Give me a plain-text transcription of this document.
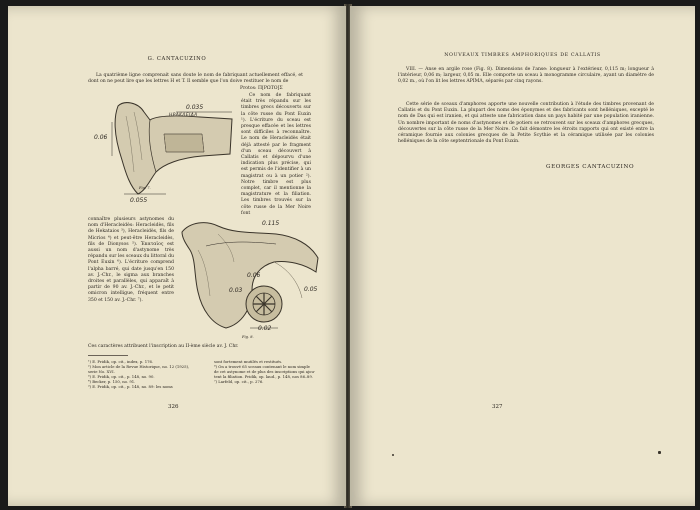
G. CANTACUZINO

La quatrième ligne comprenait sans doute le nom de fabriquant actuellement effacé, et dont on ne peut lire que les lettres H et T. Il semble que l'on doive restituer le nom de

Protos: Π[ΡΩΤΟ]Σ
ΗΡΑΚΛΕΙΔΑ
0.06
0.035
0.055
Fig. 7.

Ce nom de fabriquant était très répandu sur les timbres grecs découverts sur la côte russe du Pont Euxin ¹). L'écriture du sceau est presque effacée et les lettres sont difficiles à reconnaître. Le nom de Heracleidès était déjà attesté par le fragment d'un sceau découvert à Callatis et dépourvu d'une indication plus précise, qui est permis de l'identifier à un magistrat ou à un potier ²). Notre timbre est plus complet, car il mentionne la magistrature et la filiation. Les timbres trouvés sur la côte russe de la Mer Noire font

connaître plusieurs astynomes du nom d'Heracleidès: Heracleidès, fils de Hekataios ³), Heracleidès, fils de Micrios ⁴) et peut-être Heracleidès, fils de Dionysos ⁵). Ἑκαταῖος est aussi un nom d'astynome très répandu sur les sceaux du littoral du Pont Euxin ⁶). L'écriture comprend l'alpha barré, qui date jusqu'en 150 av. J.-Chr., le sigma aux branches droites et parallèles, qui apparaît à partir de 90 av. J.-Chr., et le petit omicron intelligue, fréquent entre 350 et 150 av. J.-Chr. ⁷).

0.115
0.06
0.03	0.05
0.02
Fig. 8.

Ces caractères attribuent l'inscription au II-ème siècle av. J. Chr.

¹) E. Pridik, op. cit., index, p. 176.
²) Mon article de la Revue Historique, no. 12 (1925),
serie No. XVI.
³) E. Pridik, op. cit., p. 148, no. 90.
⁴) Becker, p. 150, no. 91.
⁵) E. Pridik, op. cit., p. 148, no. 89: les noms
sont fortement mutilés et restitués.
⁶) On a trouvé 65 sceaux contenant le nom simple
de cet astynome et de plus des inscriptions qui ajou-
tent la filiation. Pridik, op. laud., p. 148, nos 86–89.
⁷) Larfeld, op. cit., p. 276.
326
NOUVEAUX TIMBRES AMPHORIQUES DE CALLATIS

VIII. — Anse en argile rose (Fig. 8). Dimensions de l'anse: longueur à l'extérieur, 0,115 m; longueur à l'intérieur, 0,06 m; largeur, 0,05 m. Elle comporte un sceau à monogramme circulaire, ayant un diamètre de 0,02 m., où l'on lit les lettres ΑΡΙΜΛ, séparés par cinq rayons.

Cette série de sceaux d'amphores apporte une nouvelle contribution à l'étude des timbres provenant de Callatis et du Pont Euxin. La plupart des noms des éponymes et des fabricants sont helléniques, excepté le nom de Das qui est iranien, et qui atteste une fabrication dans un pays habité par une population iranienne. Un nombre important de noms d'astynomes et de potiers se retrouvent sur les sceaux d'amphores grecques, découvertes sur la côte russe de la Mer Noire. Ce fait démontre les étroits rapports qui ont existé entre la céramique fournie aux colonies grecques de la Petite Scythie et la céramique utilisée par les colonies helléniques de la côte septentrionale du Pont Euxin.

GEORGES CANTACUZINO
327
